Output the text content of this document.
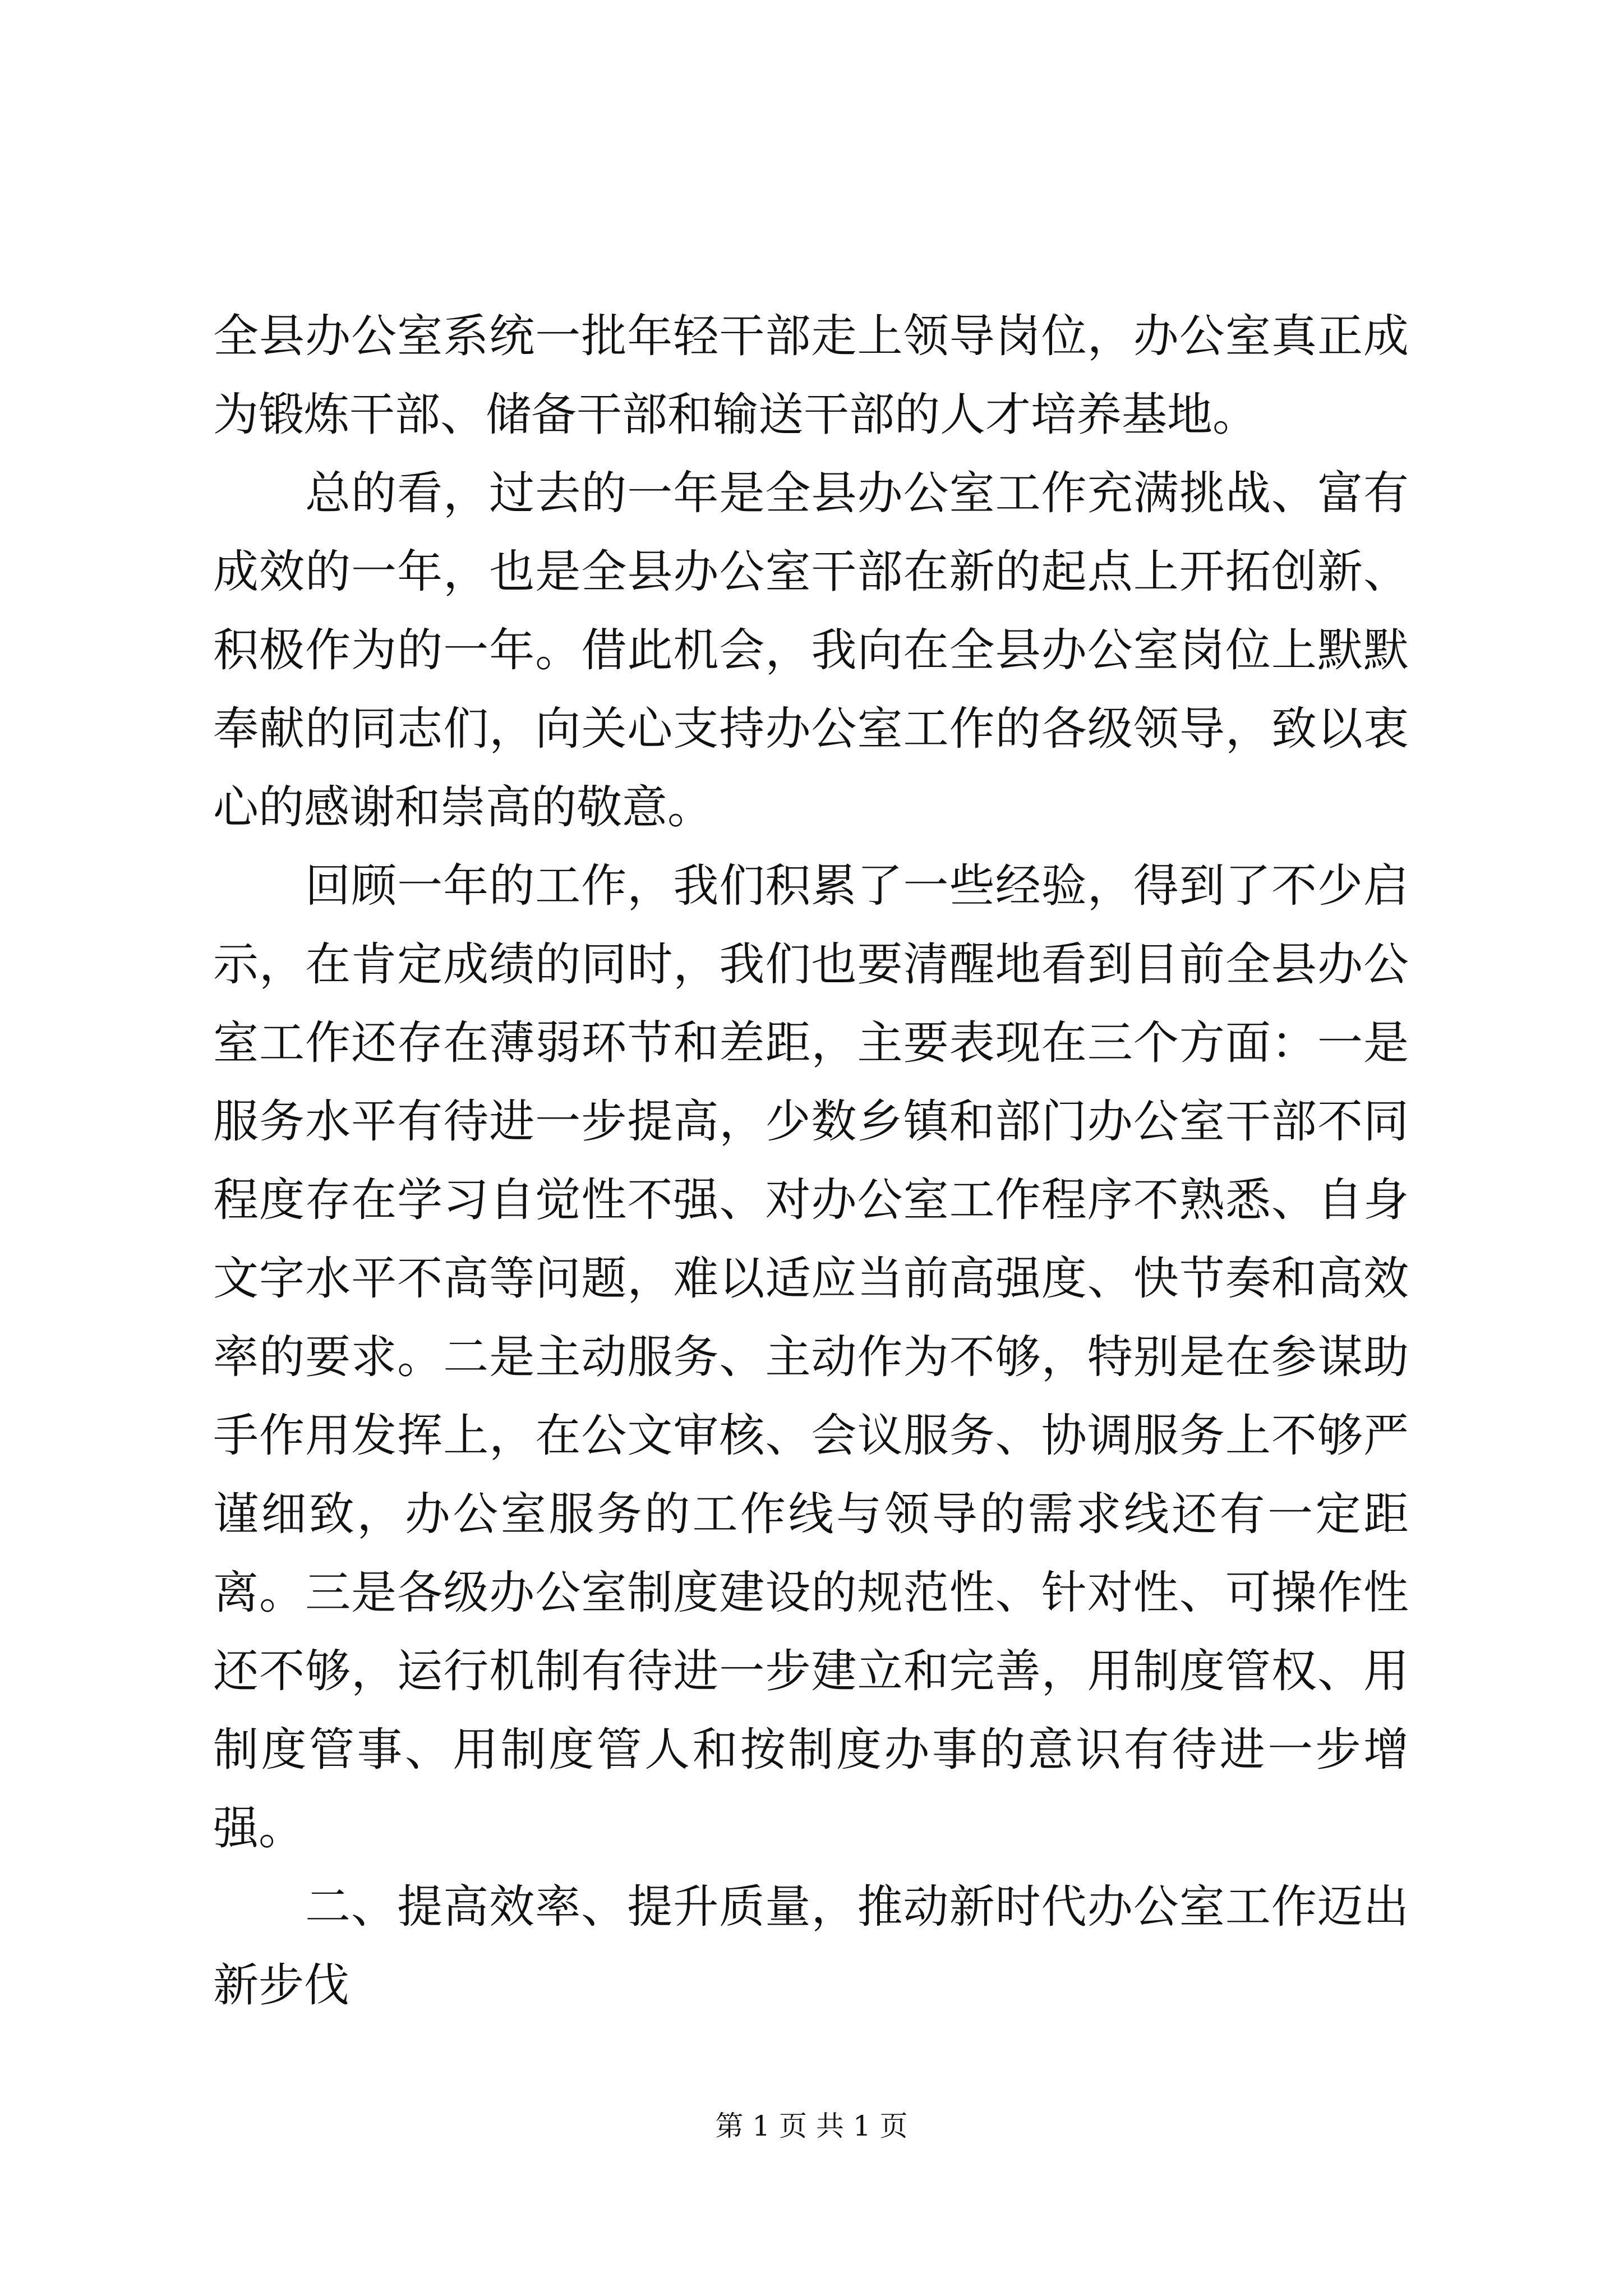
全县办公室系统一批年轻干部走上领导岗位，办公室真正成为锻炼干部、储备干部和输送干部的人才培养基地。

总的看，过去的一年是全县办公室工作充满挑战、富有成效的一年，也是全县办公室干部在新的起点上开拓创新、积极作为的一年。借此机会，我向在全县办公室岗位上默默奉献的同志们，向关心支持办公室工作的各级领导，致以衷心的感谢和崇高的敬意。

回顾一年的工作，我们积累了一些经验，得到了不少启示，在肯定成绩的同时，我们也要清醒地看到目前全县办公室工作还存在薄弱环节和差距，主要表现在三个方面：一是服务水平有待进一步提高，少数乡镇和部门办公室干部不同程度存在学习自觉性不强、对办公室工作程序不熟悉、自身文字水平不高等问题，难以适应当前高强度、快节奏和高效率的要求。二是主动服务、主动作为不够，特别是在参谋助手作用发挥上，在公文审核、会议服务、协调服务上不够严谨细致，办公室服务的工作线与领导的需求线还有一定距离。三是各级办公室制度建设的规范性、针对性、可操作性还不够，运行机制有待进一步建立和完善，用制度管权、用制度管事、用制度管人和按制度办事的意识有待进一步增强。

二、提高效率、提升质量，推动新时代办公室工作迈出新步伐

第 1 页 共 1 页
